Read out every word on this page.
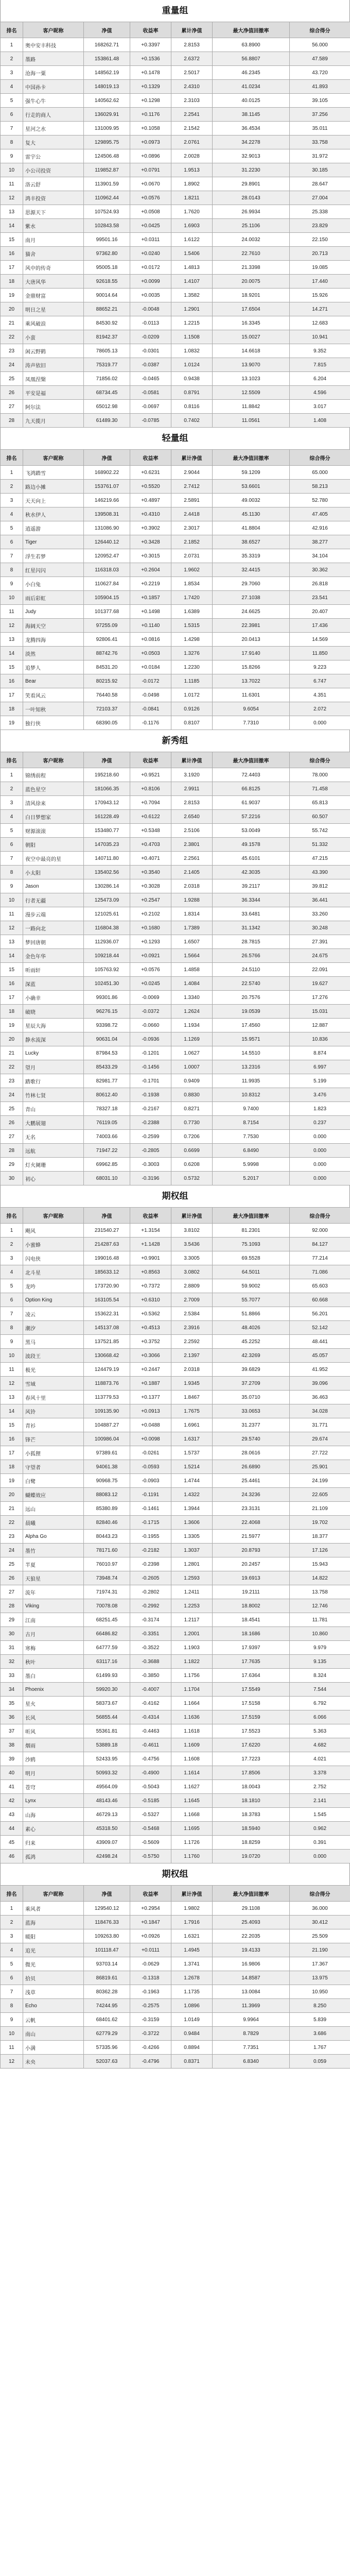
重量组
排名	客户昵称	净值	收益率	累计净值	最大净值回撤率	综合得分
1	奥中安丰科技	168262.71	+0.3397	2.8153	63.8900	56.000
2	墨路	153861.48	+0.1536	2.6372	56.8807	47.589
3	沧海一粟	148562.19	+0.1478	2.5017	46.2345	43.720
4	中国孙卡	148019.13	+0.1329	2.4310	41.0234	41.893
5	强牛心牛	140562.62	+0.1298	2.3103	40.0125	39.105
6	行走的商人	136029.91	+0.1176	2.2541	38.1145	37.256
7	星河之水	131009.95	+0.1058	2.1542	36.4534	35.011
8	复大	129895.75	+0.0973	2.0761	34.2278	33.758
9	雷宇公	124506.48	+0.0896	2.0028	32.9013	31.972
10	小公司投资	119852.87	+0.0791	1.9513	31.2230	30.185
11	洛云舒	113901.59	+0.0670	1.8902	29.8901	28.647
12	鸿丰投资	110962.44	+0.0576	1.8211	28.0143	27.004
13	思源天下	107524.93	+0.0508	1.7620	26.9934	25.338
14	紫水	102843.58	+0.0425	1.6903	25.1106	23.829
15	南月	99501.16	+0.0311	1.6122	24.0032	22.150
16	猫舍	97362.80	+0.0240	1.5406	22.7610	20.713
17	风中的传奇	95005.18	+0.0172	1.4813	21.3398	19.085
18	大唐风华	92618.55	+0.0099	1.4107	20.0075	17.440
19	金鼎财富	90014.64	+0.0035	1.3582	18.9201	15.926
20	明日之星	88652.21	-0.0048	1.2901	17.6504	14.271
21	乘风破浪	84530.92	-0.0113	1.2215	16.3345	12.683
22	小蛮	81942.37	-0.0209	1.1508	15.0027	10.941
23	闲云野鹤	78605.13	-0.0301	1.0832	14.6618	9.352
24	涛声依旧	75319.77	-0.0387	1.0124	13.9070	7.815
25	凤凰涅槃	71856.02	-0.0465	0.9438	13.1023	6.204
26	平安是福	68734.45	-0.0581	0.8791	12.5509	4.596
27	阿尔法	65012.98	-0.0697	0.8116	11.8842	3.017
28	九天揽月	61489.30	-0.0785	0.7402	11.0561	1.408
轻量组
排名	客户昵称	净值	收益率	累计净值	最大净值回撤率	综合得分
1	飞鸿踏雪	168902.22	+0.6231	2.9044	59.1209	65.000
2	路边小摊	153761.07	+0.5520	2.7412	53.6601	58.213
3	天天向上	146219.66	+0.4897	2.5891	49.0032	52.780
4	秋水伊人	139508.31	+0.4310	2.4418	45.1130	47.405
5	逍遥游	131086.90	+0.3902	2.3017	41.8804	42.916
6	Tiger	126440.12	+0.3428	2.1852	38.6527	38.277
7	浮生若梦	120952.47	+0.3015	2.0731	35.3319	34.104
8	红星闪闪	116318.03	+0.2604	1.9602	32.4415	30.362
9	小白兔	110627.84	+0.2219	1.8534	29.7060	26.818
10	雨后彩虹	105904.15	+0.1857	1.7420	27.1038	23.541
11	Judy	101377.68	+0.1498	1.6389	24.6625	20.407
12	海阔天空	97255.09	+0.1140	1.5315	22.3981	17.436
13	龙腾四海	92806.41	+0.0816	1.4298	20.0413	14.569
14	淡然	88742.76	+0.0503	1.3276	17.9140	11.850
15	追梦人	84531.20	+0.0184	1.2230	15.8266	9.223
16	Bear	80215.92	-0.0172	1.1185	13.7022	6.747
17	笑看风云	76440.58	-0.0498	1.0172	11.6301	4.351
18	一叶知秋	72103.37	-0.0841	0.9126	9.6054	2.072
19	独行侠	68390.05	-0.1176	0.8107	7.7310	0.000
新秀组
排名	客户昵称	净值	收益率	累计净值	最大净值回撤率	综合得分
1	锦绣前程	195218.60	+0.9521	3.1920	72.4403	78.000
2	蓝色星空	181066.35	+0.8106	2.9911	66.8125	71.458
3	清风徐来	170943.12	+0.7094	2.8153	61.9037	65.813
4	白日梦想家	161228.49	+0.6122	2.6540	57.2216	60.507
5	财源滚滚	153480.77	+0.5348	2.5106	53.0049	55.742
6	朝阳	147035.23	+0.4703	2.3801	49.1578	51.332
7	夜空中最亮的星	140711.80	+0.4071	2.2561	45.6101	47.215
8	小太阳	135402.56	+0.3540	2.1405	42.3035	43.390
9	Jason	130286.14	+0.3028	2.0318	39.2117	39.812
10	行者无疆	125473.09	+0.2547	1.9288	36.3344	36.441
11	漫步云端	121025.61	+0.2102	1.8314	33.6481	33.260
12	一路向北	116804.38	+0.1680	1.7389	31.1342	30.248
13	梦回唐朝	112936.07	+0.1293	1.6507	28.7815	27.391
14	金色年华	109218.44	+0.0921	1.5664	26.5766	24.675
15	听雨轩	105763.92	+0.0576	1.4858	24.5110	22.091
16	深蓝	102451.30	+0.0245	1.4084	22.5740	19.627
17	小确幸	99301.86	-0.0069	1.3340	20.7576	17.276
18	破晓	96276.15	-0.0372	1.2624	19.0539	15.031
19	星辰大海	93398.72	-0.0660	1.1934	17.4560	12.887
20	静水流深	90631.04	-0.0936	1.1269	15.9571	10.836
21	Lucky	87984.53	-0.1201	1.0627	14.5510	8.874
22	望月	85433.29	-0.1456	1.0007	13.2316	6.997
23	踏歌行	82981.77	-0.1701	0.9409	11.9935	5.199
24	竹林七贤	80612.40	-0.1938	0.8830	10.8312	3.476
25	青山	78327.18	-0.2167	0.8271	9.7400	1.823
26	大鹏展翅	76119.05	-0.2388	0.7730	8.7154	0.237
27	无名	74003.66	-0.2599	0.7206	7.7530	0.000
28	远航	71947.22	-0.2805	0.6699	6.8490	0.000
29	灯火阑珊	69962.85	-0.3003	0.6208	5.9998	0.000
30	初心	68031.10	-0.3196	0.5732	5.2017	0.000
期权组
排名	客户昵称	净值	收益率	累计净值	最大净值回撤率	综合得分
1	飓风	231540.27	+1.3154	3.8102	81.2301	92.000
2	小蜜蜂	214287.63	+1.1428	3.5436	75.1093	84.127
3	闪电侠	199016.48	+0.9901	3.3005	69.5528	77.214
4	北斗星	185633.12	+0.8563	3.0802	64.5011	71.086
5	龙吟	173720.90	+0.7372	2.8809	59.9002	65.603
6	Option King	163105.54	+0.6310	2.7009	55.7077	60.668
7	凌云	153622.31	+0.5362	2.5384	51.8866	56.201
8	潮汐	145137.08	+0.4513	2.3916	48.4026	52.142
9	黑马	137521.85	+0.3752	2.2592	45.2252	48.441
10	波段王	130668.42	+0.3066	2.1397	42.3269	45.057
11	极光	124479.19	+0.2447	2.0318	39.6829	41.952
12	雪域	118873.76	+0.1887	1.9345	37.2709	39.096
13	春风十里	113779.53	+0.1377	1.8467	35.0710	36.463
14	风铃	109135.90	+0.0913	1.7675	33.0653	34.028
15	青衫	104887.27	+0.0488	1.6961	31.2377	31.771
16	锋芒	100986.04	+0.0098	1.6317	29.5740	29.674
17	小狐狸	97389.61	-0.0261	1.5737	28.0616	27.722
18	守望者	94061.38	-0.0593	1.5214	26.6890	25.901
19	白鹭	90968.75	-0.0903	1.4744	25.4461	24.199
20	蝴蝶效应	88083.12	-0.1191	1.4322	24.3236	22.605
21	远山	85380.89	-0.1461	1.3944	23.3131	21.109
22	晨曦	82840.46	-0.1715	1.3606	22.4068	19.702
23	Alpha Go	80443.23	-0.1955	1.3305	21.5977	18.377
24	墨竹	78171.60	-0.2182	1.3037	20.8793	17.126
25	半夏	76010.97	-0.2398	1.2801	20.2457	15.943
26	天狼星	73948.74	-0.2605	1.2593	19.6913	14.822
27	流年	71974.31	-0.2802	1.2411	19.2111	13.758
28	Viking	70078.08	-0.2992	1.2253	18.8002	12.746
29	江南	68251.45	-0.3174	1.2117	18.4541	11.781
30	古月	66486.82	-0.3351	1.2001	18.1686	10.860
31	寒梅	64777.59	-0.3522	1.1903	17.9397	9.979
32	秋叶	63117.16	-0.3688	1.1822	17.7635	9.135
33	墨白	61499.93	-0.3850	1.1756	17.6364	8.324
34	Phoenix	59920.30	-0.4007	1.1704	17.5549	7.544
35	星火	58373.67	-0.4162	1.1664	17.5158	6.792
36	长风	56855.44	-0.4314	1.1636	17.5159	6.066
37	听风	55361.81	-0.4463	1.1618	17.5523	5.363
38	烟雨	53889.18	-0.4611	1.1609	17.6220	4.682
39	沙鸥	52433.95	-0.4756	1.1608	17.7223	4.021
40	明月	50993.32	-0.4900	1.1614	17.8506	3.378
41	苍穹	49564.09	-0.5043	1.1627	18.0043	2.752
42	Lynx	48143.46	-0.5185	1.1645	18.1810	2.141
43	山海	46729.13	-0.5327	1.1668	18.3783	1.545
44	素心	45318.50	-0.5468	1.1695	18.5940	0.962
45	归来	43909.07	-0.5609	1.1726	18.8259	0.391
46	孤鸿	42498.24	-0.5750	1.1760	19.0720	0.000
期权组
排名	客户昵称	净值	收益率	累计净值	最大净值回撤率	综合得分
1	乘风者	129540.12	+0.2954	1.9802	29.1108	36.000
2	蓝海	118476.33	+0.1847	1.7916	25.4093	30.412
3	暖阳	109263.80	+0.0926	1.6321	22.2035	25.509
4	追光	101118.47	+0.0111	1.4945	19.4133	21.190
5	微光	93703.14	-0.0629	1.3741	16.9806	17.367
6	拾贝	86819.61	-0.1318	1.2678	14.8587	13.975
7	浅草	80362.28	-0.1963	1.1735	13.0084	10.950
8	Echo	74244.95	-0.2575	1.0896	11.3969	8.250
9	云帆	68401.62	-0.3159	1.0149	9.9964	5.839
10	南山	62779.29	-0.3722	0.9484	8.7829	3.686
11	小满	57335.96	-0.4266	0.8894	7.7351	1.767
12	未央	52037.63	-0.4796	0.8371	6.8340	0.059
